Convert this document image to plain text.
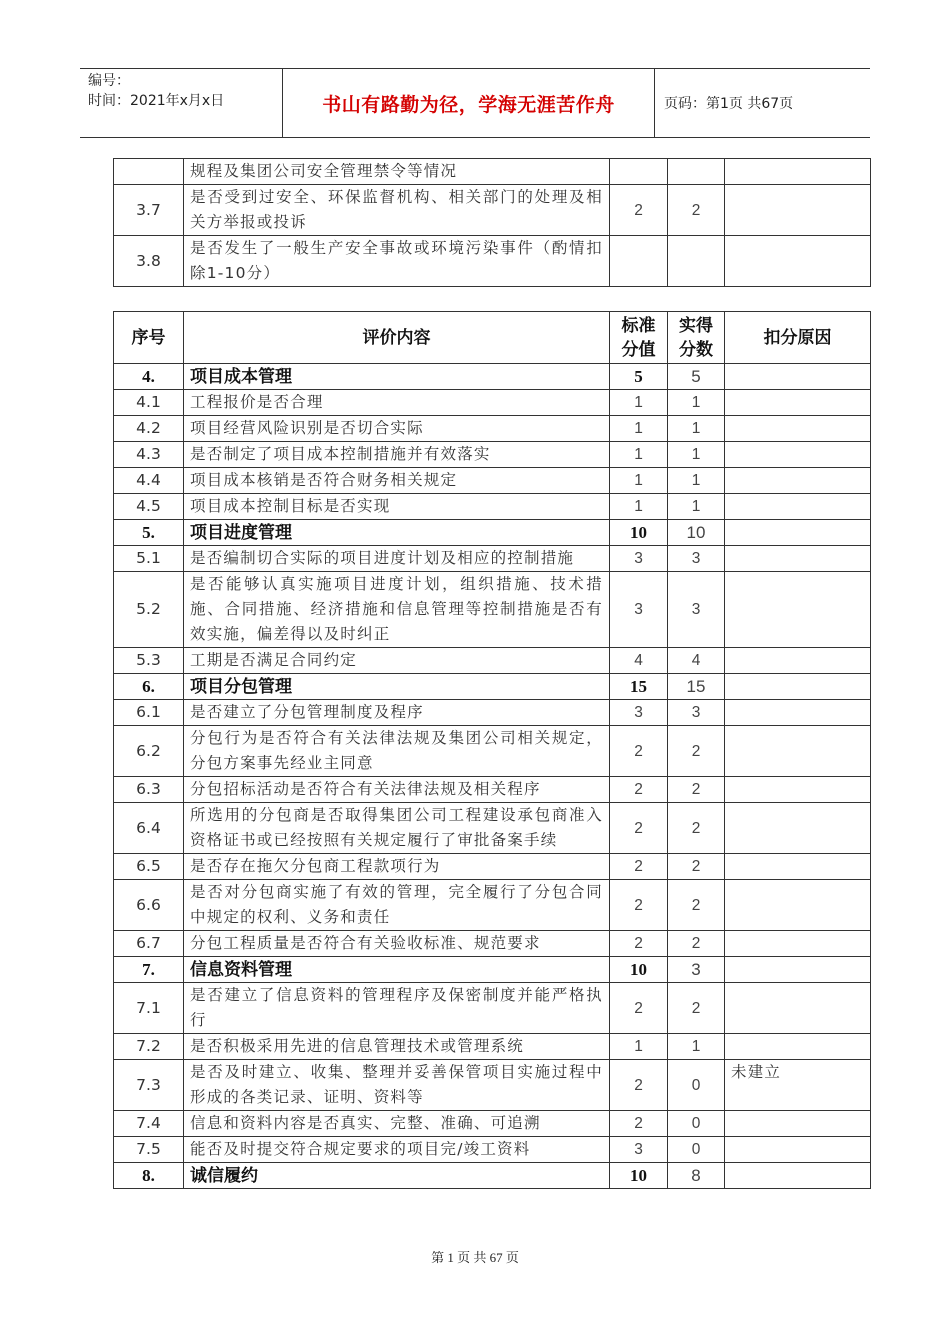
编号：
时间：2021年x月x日	书山有路勤为径，学海无涯苦作舟	页码：第1页 共67页
	规程及集团公司安全管理禁令等情况			
3.7	是否受到过安全、环保监督机构、相关部门的处理及相关方举报或投诉	2	2	
3.8	是否发生了一般生产安全事故或环境污染事件（酌情扣除1-10分）			
序号	评价内容	标准分值	实得分数	扣分原因
4.	项目成本管理	5	5	
4.1	工程报价是否合理	1	1	
4.2	项目经营风险识别是否切合实际	1	1	
4.3	是否制定了项目成本控制措施并有效落实	1	1	
4.4	项目成本核销是否符合财务相关规定	1	1	
4.5	项目成本控制目标是否实现	1	1	
5.	项目进度管理	10	10	
5.1	是否编制切合实际的项目进度计划及相应的控制措施	3	3	
5.2	是否能够认真实施项目进度计划，组织措施、技术措施、合同措施、经济措施和信息管理等控制措施是否有效实施，偏差得以及时纠正	3	3	
5.3	工期是否满足合同约定	4	4	
6.	项目分包管理	15	15	
6.1	是否建立了分包管理制度及程序	3	3	
6.2	分包行为是否符合有关法律法规及集团公司相关规定，分包方案事先经业主同意	2	2	
6.3	分包招标活动是否符合有关法律法规及相关程序	2	2	
6.4	所选用的分包商是否取得集团公司工程建设承包商准入资格证书或已经按照有关规定履行了审批备案手续	2	2	
6.5	是否存在拖欠分包商工程款项行为	2	2	
6.6	是否对分包商实施了有效的管理，完全履行了分包合同中规定的权利、义务和责任	2	2	
6.7	分包工程质量是否符合有关验收标准、规范要求	2	2	
7.	信息资料管理	10	3	
7.1	是否建立了信息资料的管理程序及保密制度并能严格执行	2	2	
7.2	是否积极采用先进的信息管理技术或管理系统	1	1	
7.3	是否及时建立、收集、整理并妥善保管项目实施过程中形成的各类记录、证明、资料等	2	0	未建立
7.4	信息和资料内容是否真实、完整、准确、可追溯	2	0	
7.5	能否及时提交符合规定要求的项目完/竣工资料	3	0	
8.	诚信履约	10	8	
第 1 页 共 67 页
